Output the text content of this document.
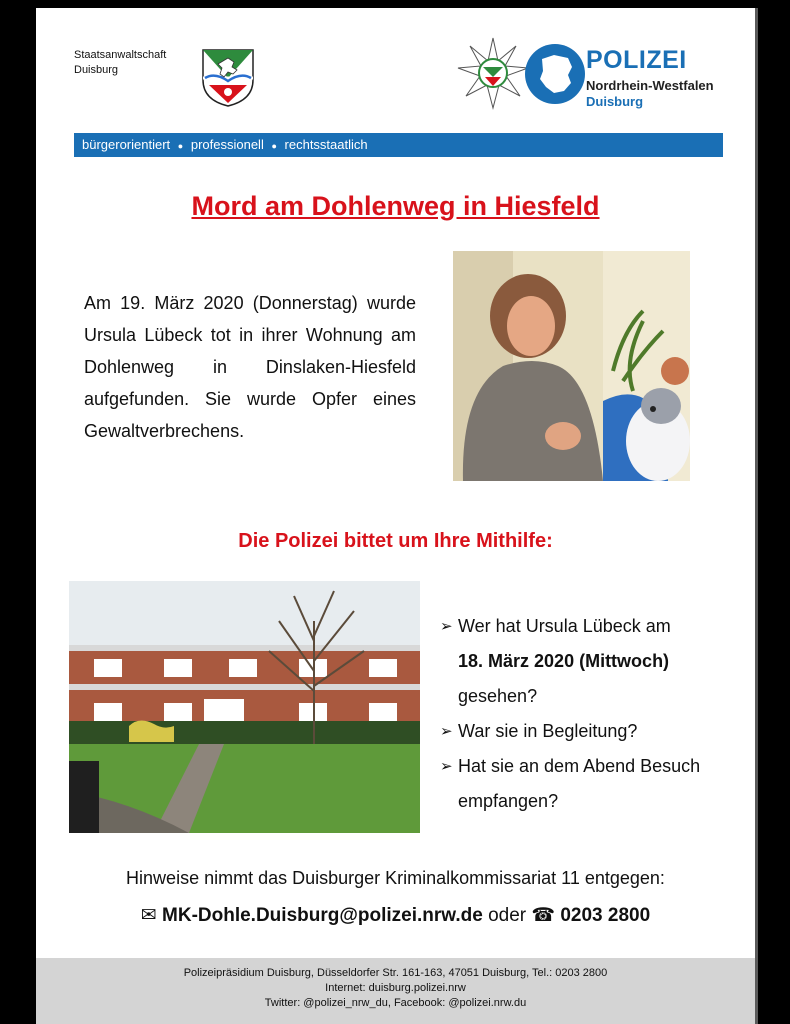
Staatsanwaltschaft
Duisburg	POLIZEI
Nordrhein-Westfalen
Duisburg
bürgerorientiert ● professionell ● rechtsstaatlich
Mord am Dohlenweg in Hiesfeld
Am 19. März 2020 (Donnerstag) wurde Ursula Lübeck tot in ihrer Wohnung am Dohlenweg in Dinslaken-Hiesfeld aufgefunden. Sie wurde Opfer eines Gewaltverbrechens.
Die Polizei bittet um Ihre Mithilfe:
➢ Wer hat Ursula Lübeck am
18. März 2020 (Mittwoch)
gesehen?
➢ War sie in Begleitung?
➢ Hat sie an dem Abend Besuch empfangen?
Hinweise nimmt das Duisburger Kriminalkommissariat 11 entgegen:
✉ MK-Dohle.Duisburg@polizei.nrw.de oder ☎ 0203 2800
Polizeipräsidium Duisburg, Düsseldorfer Str. 161-163, 47051 Duisburg, Tel.: 0203 2800
Internet: duisburg.polizei.nrw
Twitter: @polizei_nrw_du, Facebook: @polizei.nrw.du
